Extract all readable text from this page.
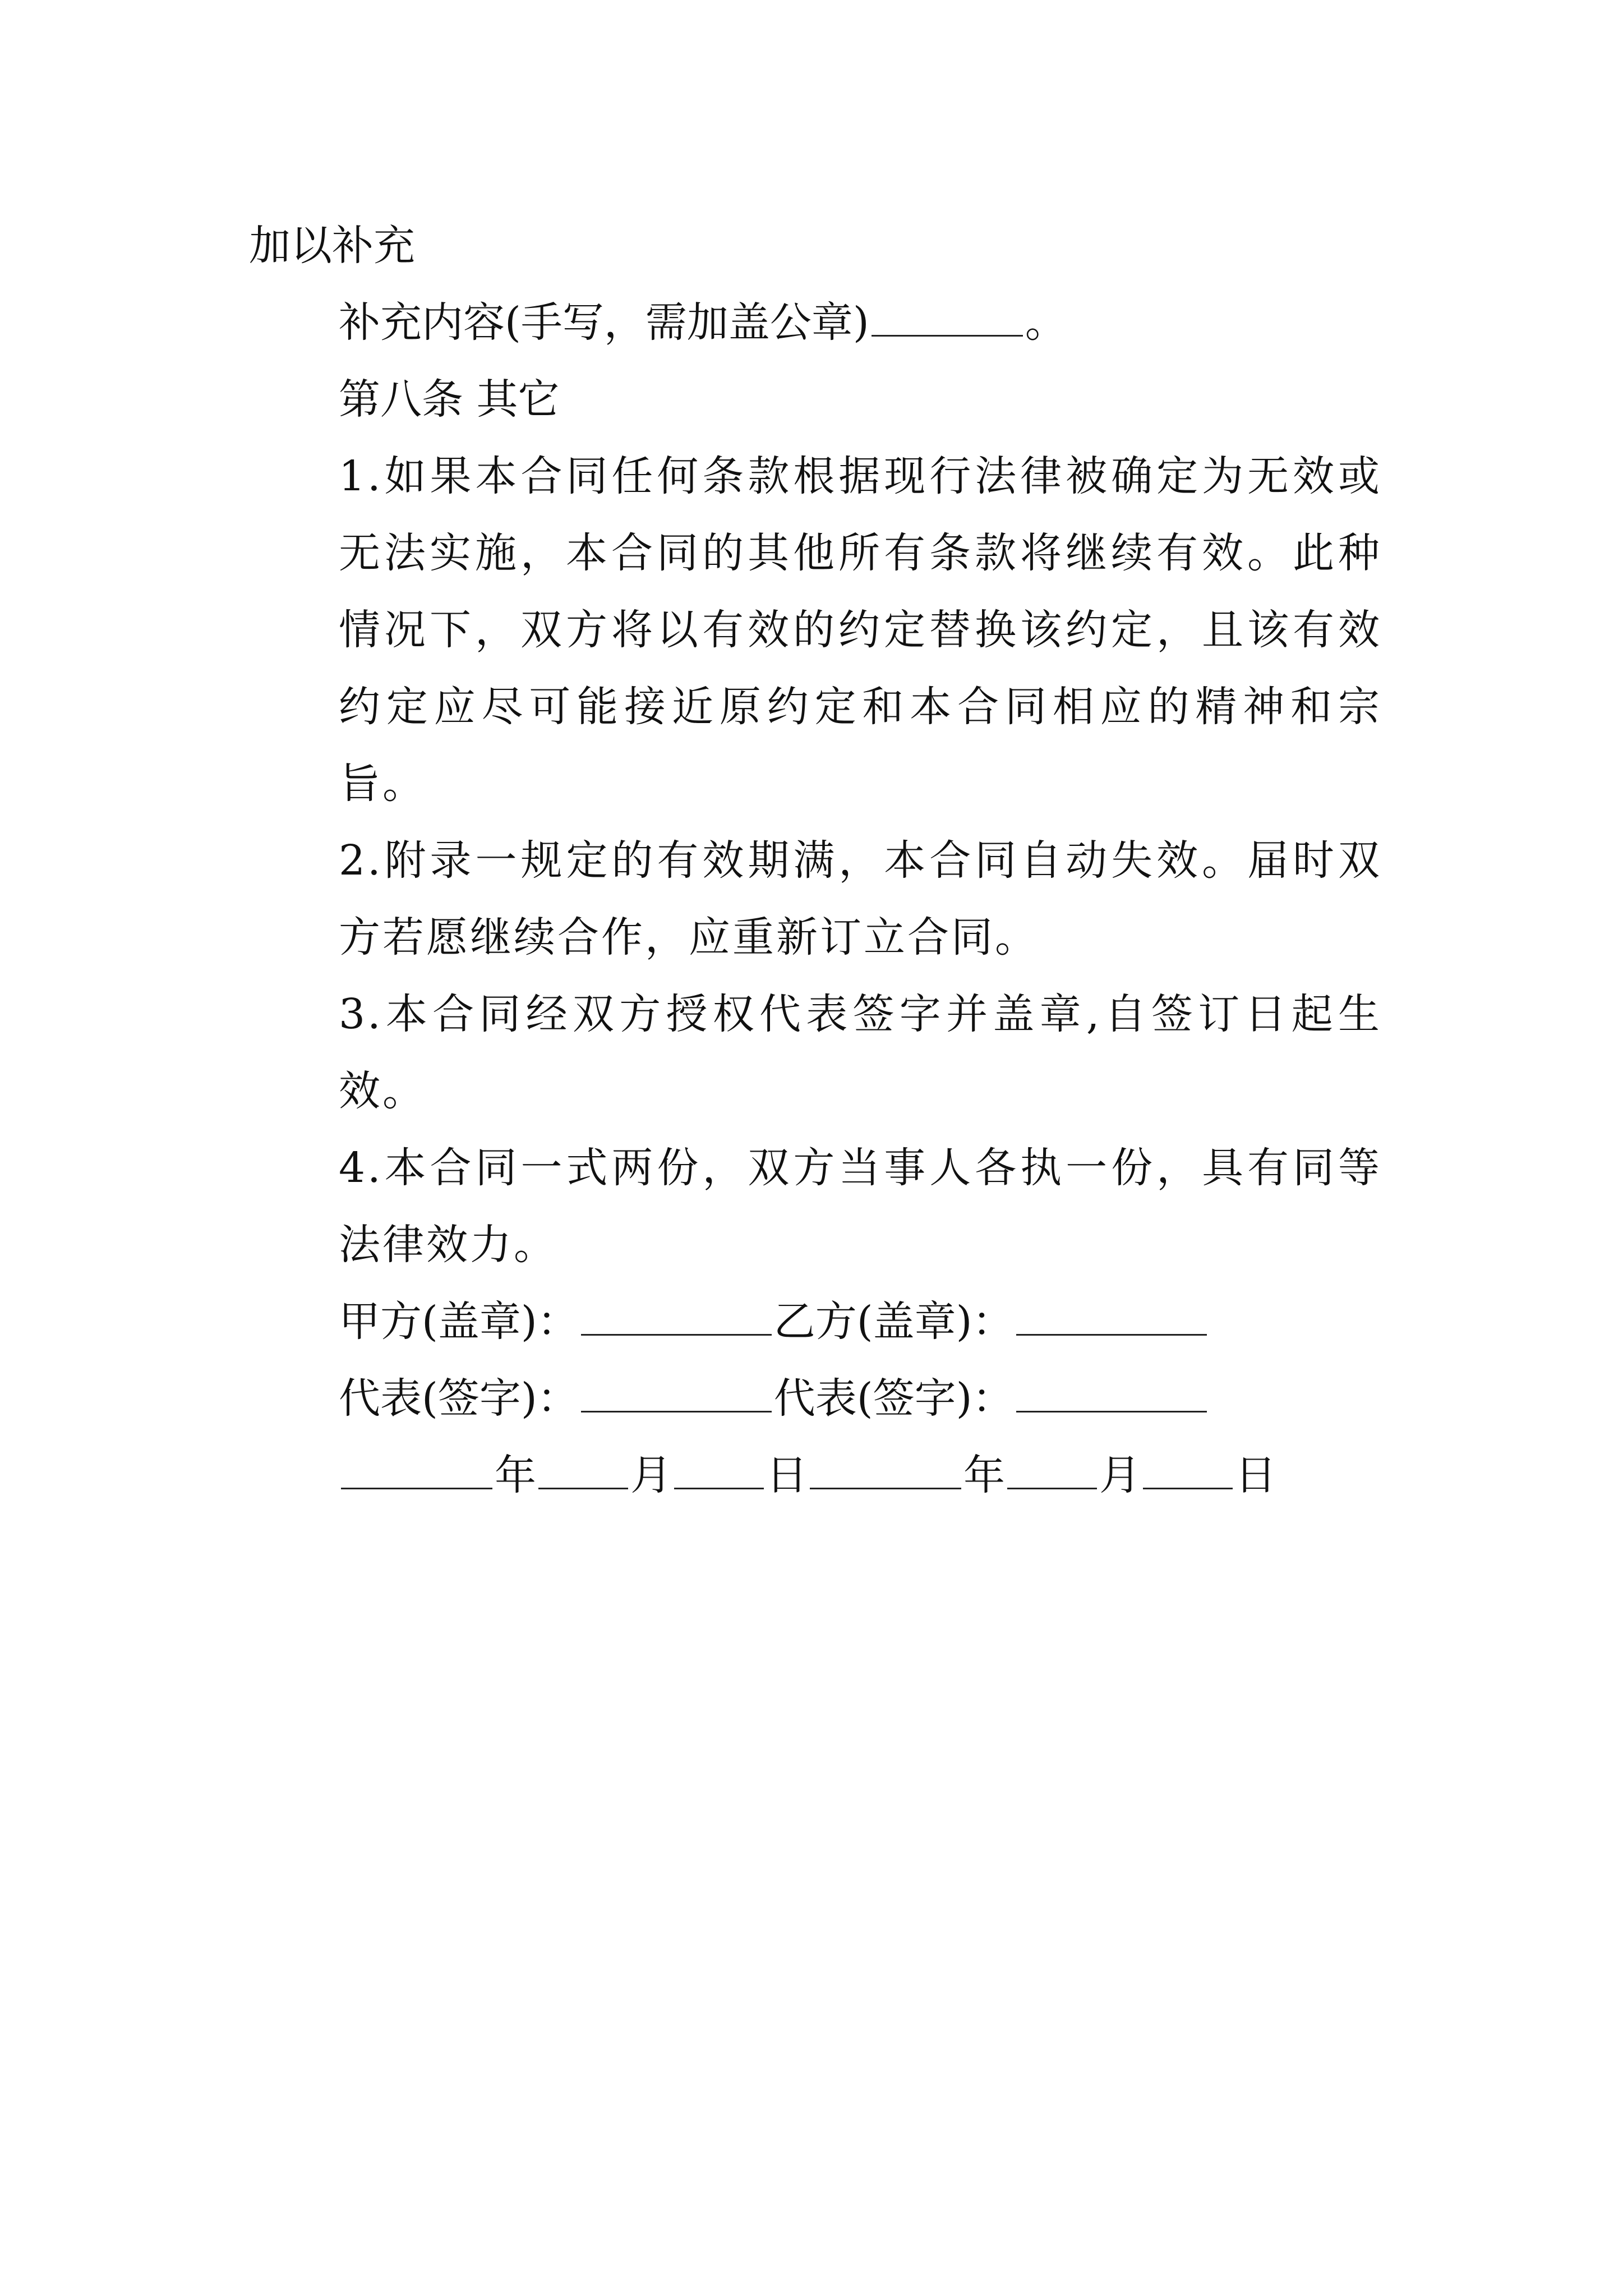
加以补充

补充内容(手写，需加盖公章)	。

第八条 其它

1.如果本合同任何条款根据现行法律被确定为无效或无法实施，本合同的其他所有条款将继续有效。此种情况下，双方将以有效的约定替换该约定，且该有效约定应尽可能接近原约定和本合同相应的精神和宗旨。

2.附录一规定的有效期满，本合同自动失效。届时双方若愿继续合作，应重新订立合同。

3.本合同经双方授权代表签字并盖章,自签订日起生效。

4.本合同一式两份，双方当事人各执一份，具有同等法律效力。

甲方(盖章)：	乙方(盖章)：
代表(签字)：	代表(签字)：
年 月 日	年 月 日
